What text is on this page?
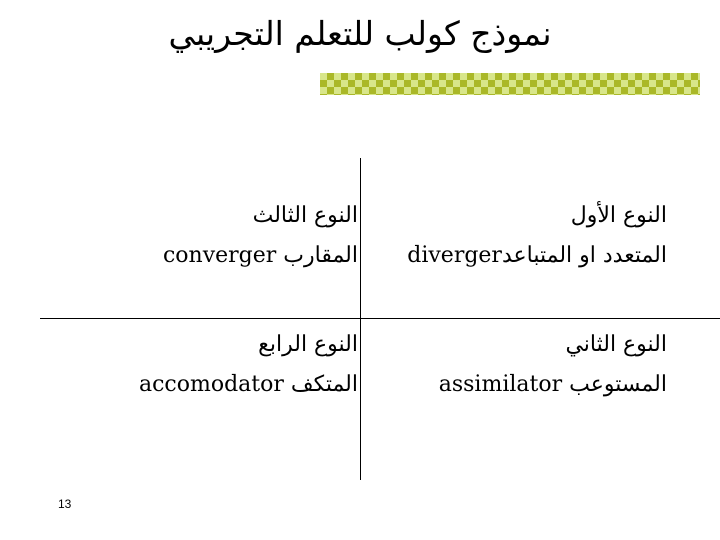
نموذج كولب للتعلم التجريبي
النوع الأول
المتعدد او المتباعدdiverger
النوع الثالث
المقارب converger
النوع الثاني
المستوعب assimilator
النوع الرابع
المتكف accomodator
13
